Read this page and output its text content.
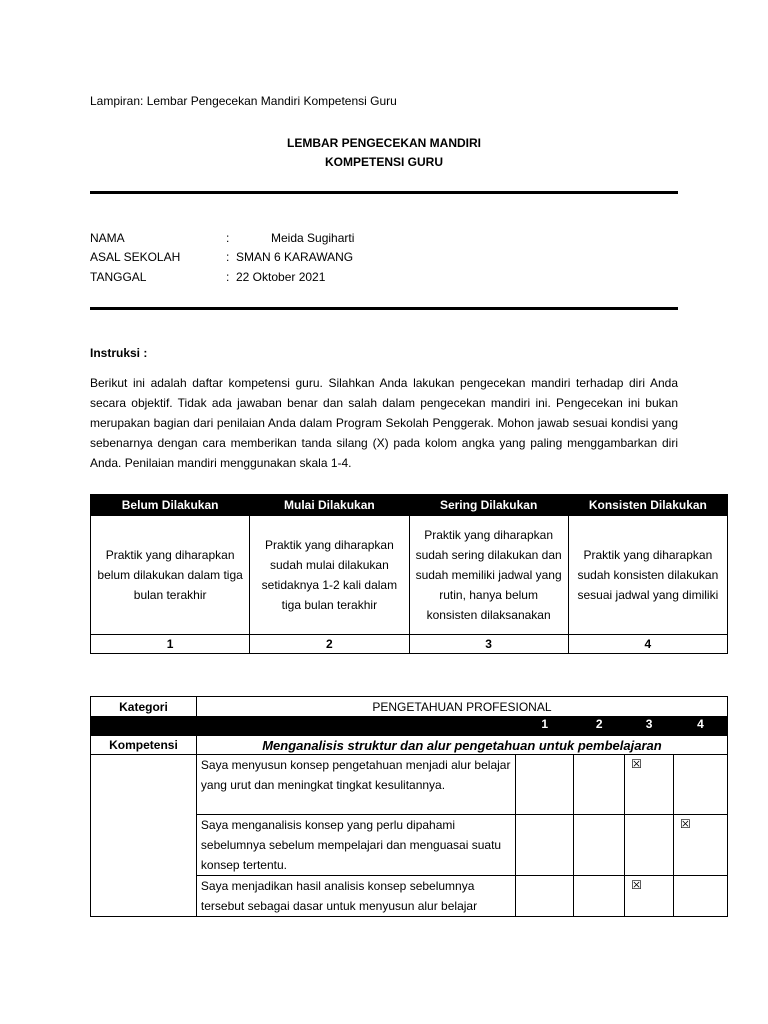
Lampiran: Lembar Pengecekan Mandiri Kompetensi Guru
LEMBAR PENGECEKAN MANDIRI
KOMPETENSI GURU
NAMA	:	Meida Sugiharti
ASAL SEKOLAH	: SMAN 6 KARAWANG
TANGGAL	: 22 Oktober 2021
Instruksi :
Berikut ini adalah daftar kompetensi guru. Silahkan Anda lakukan pengecekan mandiri terhadap diri Anda secara objektif. Tidak ada jawaban benar dan salah dalam pengecekan mandiri ini. Pengecekan ini bukan merupakan bagian dari penilaian Anda dalam Program Sekolah Penggerak. Mohon jawab sesuai kondisi yang sebenarnya dengan cara memberikan tanda silang (X) pada kolom angka yang paling menggambarkan diri Anda. Penilaian mandiri menggunakan skala 1-4.
Belum Dilakukan	Mulai Dilakukan	Sering Dilakukan	Konsisten Dilakukan
Praktik yang diharapkan belum dilakukan dalam tiga bulan terakhir	Praktik yang diharapkan sudah mulai dilakukan setidaknya 1-2 kali dalam tiga bulan terakhir	Praktik yang diharapkan sudah sering dilakukan dan sudah memiliki jadwal yang rutin, hanya belum konsisten dilaksanakan	Praktik yang diharapkan sudah konsisten dilakukan sesuai jadwal yang dimiliki
1	2	3	4
Kategori	PENGETAHUAN PROFESIONAL				
		1	2	3	4
Kompetensi	Menganalisis struktur dan alur pengetahuan untuk pembelajaran				
	Saya menyusun konsep pengetahuan menjadi alur belajar yang urut dan meningkat tingkat kesulitannya.			☒	
	Saya menganalisis konsep yang perlu dipahami sebelumnya sebelum mempelajari dan menguasai suatu konsep tertentu.				☒
	Saya menjadikan hasil analisis konsep sebelumnya tersebut sebagai dasar untuk menyusun alur belajar			☒	
